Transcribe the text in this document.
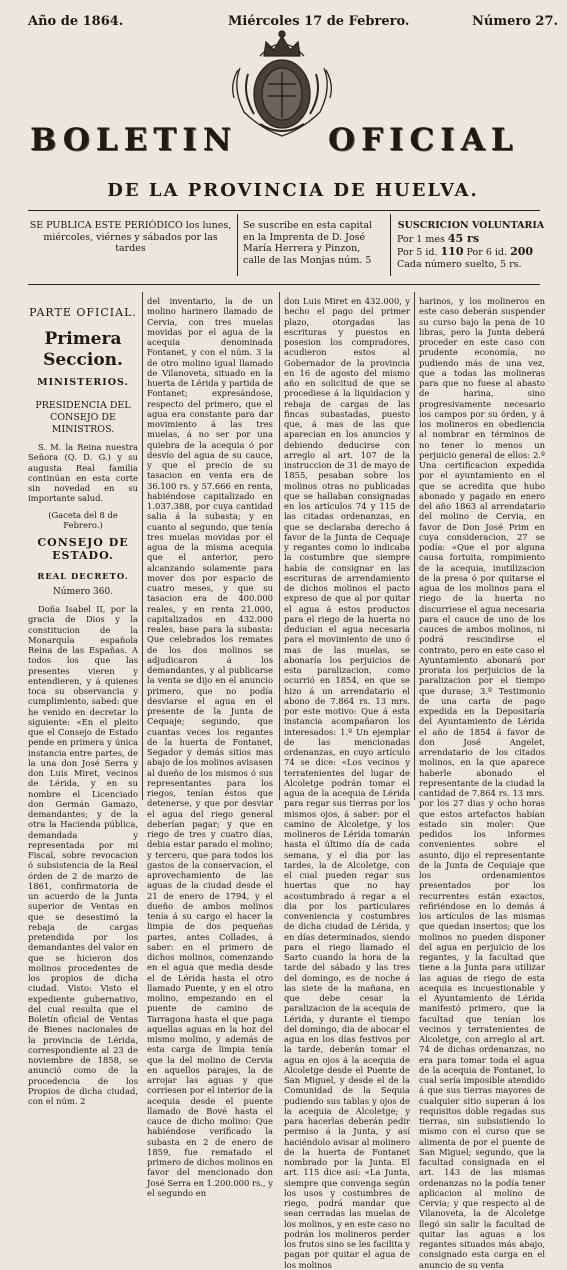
Año de 1864.	Miércoles 17 de Febrero.	Número 27.
BOLETIN	OFICIAL
DE LA PROVINCIA DE HUELVA.
SE PUBLICA ESTE PERIÓDICO los lunes, miércoles, viérnes y sábados por las tardes
Se suscribe en esta capital en la Imprenta de D. José María Herrera y Pinzon, calle de las Monjas núm. 5
SUSCRICION VOLUNTARIA
Por 1 mes 45 rs
Por 5 id. 110 Por 6 id. 200
Cada número suelto, 5 rs.
PARTE OFICIAL.
Primera Seccion.
MINISTERIOS.
PRESIDENCIA DEL CONSEJO DE MINISTROS.
S. M. la Reina nuestra Señora (Q. D. G.) y su augusta Real familia continúan en esta corte sin novedad en su importante salud.
(Gaceta del 8 de Febrero.)
CONSEJO DE ESTADO.
REAL DECRETO.
Número 360.
Doña Isabel II, por la gracia de Dios y la constitucion de la Monarquía española Reina de las Españas. A todos los que las presentes vieren y entendieren, y á quienes toca su observancia y cumplimiento, sabed: que he venido en decretar lo siguiente: «En el pleito que el Consejo de Estado pende en primera y única instancia entre partes, de la una don José Serra y don Luis Miret, vecinos de Lérida, y en su nombre el Licenciado don Germán Gamazo, demandantes; y de la otra la Hacienda pública, demandada y representada por mi Fiscal, sobre revocacion ó subsistencia de la Real órden de 2 de marzo de 1861, confirmatoria de un acuerdo de la Junta superior de Ventas en que se desestimó la rebaja de cargas pretendida por los demandantes del valor en que se hicieron dos molinos procedentes de los propios de dicha ciudad. Visto: Visto el expediente gubernativo, del cual resulta que el Boletín oficial de Ventas de Bienes nacionales de la provincia de Lérida, correspondiente al 23 de noviembre de 1858, se anunció como de la procedencia de los Propios de dicha ciudad, con el núm. 2
del inventario, la de un molino harinero llamado de Cervia, con tres muelas movidas por el agua de la acequia denominada Fontanet, y con el núm. 3 la de otro molino igual llamado de Vilanoveta, situado en la huerta de Lérida y partida de Fontanet; expresándose, respecto del primero, que el agua era constante para dar movimiento á las tres muelas, á no ser por una quiebra de la acequia ó por desvío del agua de su cauce, y que el precio de su tasacion en venta era de 36.100 rs. y 57.666 en renta, habiéndose capitalizado en 1.037.388, por cuya cantidad salia á la subasta; y en cuanto al segundo, que tenía tres muelas movidas por el agua de la misma acequia que el anterior, pero alcanzando solamente para mover dos por espacio de cuatro meses, y que su tasacion era de 400.000 reales, y en renta 21.000, capitalizados en 432.000 reales, base para la subasta: Que celebrados los remates de los dos molinos se adjudicaron á los demandantes, y al publicarse la venta se dijo en el anuncio primero, que no podía desviarse el agua en el presente de la Junta de Cequaje; segundo, que cuantas veces los regantes de la huerta de Fontanet, Segador y demás sitios mas abajo de los molinos avisasen al dueño de los mismos ó sus representantes para los riegos, tenían éstos que detenerse, y que por desviar el agua del riego general deberían pagar; y que en riego de tres y cuatro días, debia estar parado el molino; y tercero, que para todos los gastos de la conservacion, el aprovechamiento de las aguas de la ciudad desde el 21 de enero de 1794, y el dueño de ambos molinos tenía á su cargo el hacer la limpia de dos pequeñas partes, antes Collades, á saber: en el primero de dichos molinos, comenzando en el agua que media desde el de Lérida hasta el otro llamado Puente, y en el otro molino, empezando en el puente de camino de Tarragona hasta el que paga aquellas aguas en la hoz del mismo molino, y además de esta carga de limpia tenía que la del molino de Cervia en aquellos parajes, la de arrojar las aguas y que corriesen por el interior de la acequia desde el puente llamado de Bové hasta el cauce de dicho molino: Que habiéndose verificado la subasta en 2 de enero de 1859, fue rematado el primero de dichos molinos en favor del mencionado don José Serra en 1.200.000 rs., y el segundo en
don Luis Miret en 432.000, y hecho el pago del primer plazo, otorgadas las escrituras y puestos en posesion los compradores, acudieron estos al Gobernador de la provincia en 16 de agosto del mismo año en solicitud de que se procediese á la liquidacion y rebaja de cargas de las fincas subastadas, puesto que, á mas de las que aparecian en los anuncios y debiendo deducirse con arreglo al art. 107 de la instruccion de 31 de mayo de 1855, pesaban sobre los molinos otras no publicadas que se hallaban consignadas en los artículos 74 y 115 de las citadas ordenanzas, en que se declaraba derecho á favor de la Junta de Cequaje y regantes como lo indicaba la costumbre que siempre había de consignar en las escrituras de arrendamiento de dichos molinos el pacto expreso de que al por quitar el agua á estos productos para el riego de la huerta no deducian el agua necesaria para el movimiento de uno ó mas de las muelas, se abonaría los perjuicios de esta paralizacion, como ocurrió en 1854, en que se hizo á un arrendatario el abono de 7.864 rs. 13 mrs. por este motivo: Que á esta instancia acompañaron los interesados: 1.º Un ejemplar de las mencionadas ordenanzas, en cuyo artículo 74 se dice: «Los vecinos y terratenientes del lugar de Alcoletge podrán tomar el agua de la acequia de Lérida para regar sus tierras por los mismos ojos, á saber: por el camino de Alcoletge, y los molineros de Lérida tomarán hasta el último día de cada semana, y el dia por las tardes, la de Alcoletge, con el cual pueden regar sus huertas que no hay acostumbrado á regar a el dia por los particulares conveniencia y costumbres de dicha ciudad de Lérida, y en días determinados, siendo para el riego llamado el Sarto cuando la hora de la tarde del sábado y las tres del domingo, es de noche á las siete de la mañana, en que debe cesar la paralizacion de la acequia de Lérida, y durante el tiempo del domingo, dia de abocar el agua en los días festivos por la tarde, deberán tomar el agua en ojos á la acequia de Alcoletge desde el Puente de San Miguel, y desde el de la Comunidad de la Sequia pudiendo sus tablas y ojos de la acequia de Alcoletge; y para hacerlas deberán pedir permiso á la Junta, y así haciéndolo avisar al molinero de la huerta de Fontanet nombrado por la Junta. El art. 115 dice así: «La Junta, siempre que convenga según los usos y costumbres de riego, podrá mandar que sean cerradas las muelas de los molinos, y en este caso no podrán los molineros perder los frutos sino se les facilita y pagan por quitar el agua de los molinos
harinos, y los molineros en este caso deberán suspender su curso bajo la pena de 10 libras, pero la Junta deberá proceder en este caso con prudente economía, no pudiendo más de una vez, que a todas las molineras para que no fuese al abasto de harina, sino progresivamente necesario los campos por su órden, y á los molineros en obediencia al nombrar en términos de no tener lo menos un perjuicio general de ellos: 2.º Una certificacion expedida por el ayuntamiento en el que se acredita que hubo abonado y pagado en enero del año 1863 al arrendatario del molino de Cervia, en favor de Don José Prim en cuya consideracion, 27 se podía: «Que el por alguna causa fortuita, rompimiento de la acequia, inutilizacion de la presa ó por quitarse el agua de los molinos para el riego de la huerta no discurriese el agua necesaria para el cauce de uno de los cauces de ambos molinos, ni podrá rescindirse el contrato, pero en este caso el Ayuntamiento abonará por prorata los perjuicios de la paralizacion por el tiempo que durase; 3.º Testimonio de una carta de pago expedida en la Depositaría del Ayuntamiento de Lérida el año de 1854 á favor de don José Angelet, arrendatario de los citados molinos, en la que aparece haberle abonado el representante de la ciudad la cantidad de 7.864 rs. 13 mrs. por los 27 dias y ocho horas que estos artefactos habían estado sin moler: Que pedidos los informes convenientes sobre el asunto, dijo el representante de la Junta de Cequiaje que los ordenamientos presentados por los recurrentes están exactos, refiriéndose en lo demás á los artículos de las mismas que quedan insertos; que los molinos no pueden disponer del agua en perjuicio de los regantes, y la facultad que tiene a la Junta para utilizar las aguas de riego de esta acequia es incuestionable y el Ayuntamiento de Lérida manifestó primero, que la facultad que tenían los vecinos y terratenientes de Alcoletge, con arreglo al art. 74 de dichas ordenanzas, no era para tomar toda el agua de la acequia de Fontanet, lo cual sería imposible atendido á que sus tierras mayores de cualquier sitio superan á los requisitos doble regadas sus tierras, sin subsistiendo lo mismo con el curso que se alimenta de por el puente de San Miguel; segundo, que la facultad consignada en el art. 143 de las mismas ordenanzas no la podía tener aplicacion al molino de Cervia; y que respecto al de Vilanoveta, la de Alcoletge llegó sin salir la facultad de quitar las aguas a los regantes situados más abajo, consignado esta carga en el anuncio de su venta
